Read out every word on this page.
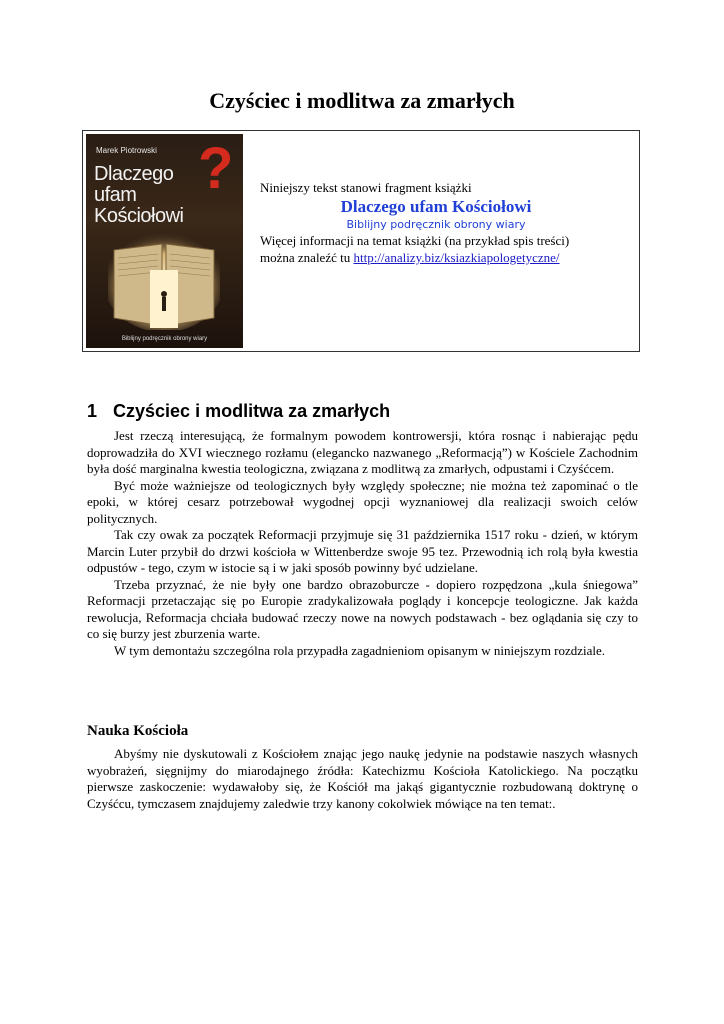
Czyściec i modlitwa za zmarłych
Marek Piotrowski ?
Dlaczego
ufam
Kościołowi
Biblijny podręcznik obrony wiary
Niniejszy tekst stanowi fragment książki
Dlaczego ufam Kościołowi
Biblijny podręcznik obrony wiary
Więcej informacji na temat książki (na przykład spis treści)
można znaleźć tu http://analizy.biz/ksiazkiapologetyczne/
1 Czyściec i modlitwa za zmarłych

Jest rzeczą interesującą, że formalnym powodem kontrowersji, która rosnąc i nabierając pędu doprowadziła do XVI wiecznego rozłamu (elegancko nazwanego „Reformacją”) w Kościele Zachodnim była dość marginalna kwestia teologiczna, związana z modlitwą za zmarłych, odpustami i Czyśćcem.

Być może ważniejsze od teologicznych były względy społeczne; nie można też zapominać o tle epoki, w której cesarz potrzebował wygodnej opcji wyznaniowej dla realizacji swoich celów politycznych.

Tak czy owak za początek Reformacji przyjmuje się 31 października 1517 roku - dzień, w którym Marcin Luter przybił do drzwi kościoła w Wittenberdze swoje 95 tez. Przewodnią ich rolą była kwestia odpustów - tego, czym w istocie są i w jaki sposób powinny być udzielane.

Trzeba przyznać, że nie były one bardzo obrazoburcze - dopiero rozpędzona „kula śniegowa” Reformacji przetaczając się po Europie zradykalizowała poglądy i koncepcje teologiczne. Jak każda rewolucja, Reformacja chciała budować rzeczy nowe na nowych podstawach - bez oglądania się czy to co się burzy jest zburzenia warte.

W tym demontażu szczególna rola przypadła zagadnieniom opisanym w niniejszym rozdziale.

Nauka Kościoła

Abyśmy nie dyskutowali z Kościołem znając jego naukę jedynie na podstawie naszych własnych wyobrażeń, sięgnijmy do miarodajnego źródła: Katechizmu Kościoła Katolickiego. Na początku pierwsze zaskoczenie: wydawałoby się, że Kościół ma jakąś gigantycznie rozbudowaną doktrynę o Czyśćcu, tymczasem znajdujemy zaledwie trzy kanony cokolwiek mówiące na ten temat:.
